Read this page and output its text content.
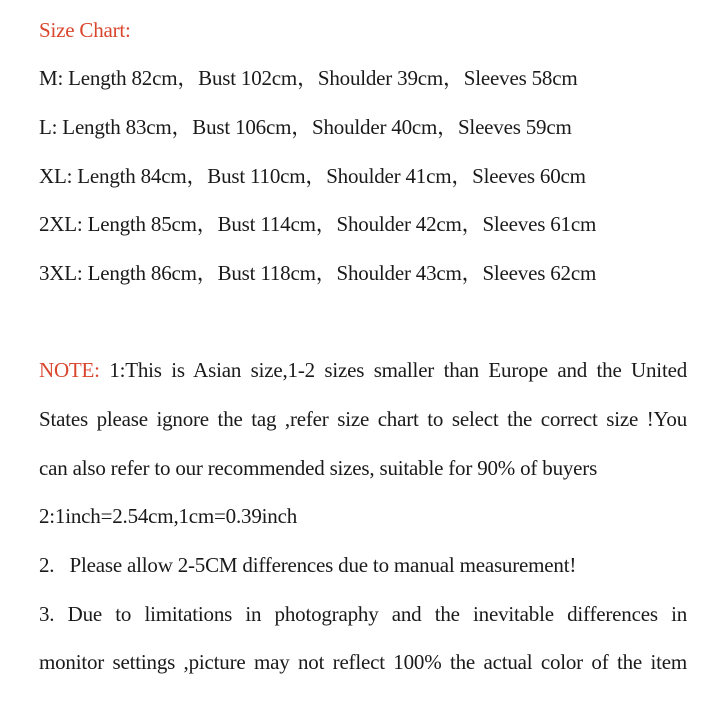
Size Chart:
M: Length 82cm，Bust 102cm，Shoulder 39cm，Sleeves 58cm
L: Length 83cm，Bust 106cm，Shoulder 40cm，Sleeves 59cm
XL: Length 84cm，Bust 110cm，Shoulder 41cm，Sleeves 60cm
2XL: Length 85cm，Bust 114cm，Shoulder 42cm，Sleeves 61cm
3XL: Length 86cm，Bust 118cm，Shoulder 43cm，Sleeves 62cm
NOTE: 1:This is Asian size,1-2 sizes smaller than Europe and the United
States please ignore the tag ,refer size chart to select the correct size !You
can also refer to our recommended sizes, suitable for 90% of buyers
2:1inch=2.54cm,1cm=0.39inch
2.   Please allow 2-5CM differences due to manual measurement!
3. Due to limitations in photography and the inevitable differences in
monitor settings ,picture may not reflect 100% the actual color of the item
